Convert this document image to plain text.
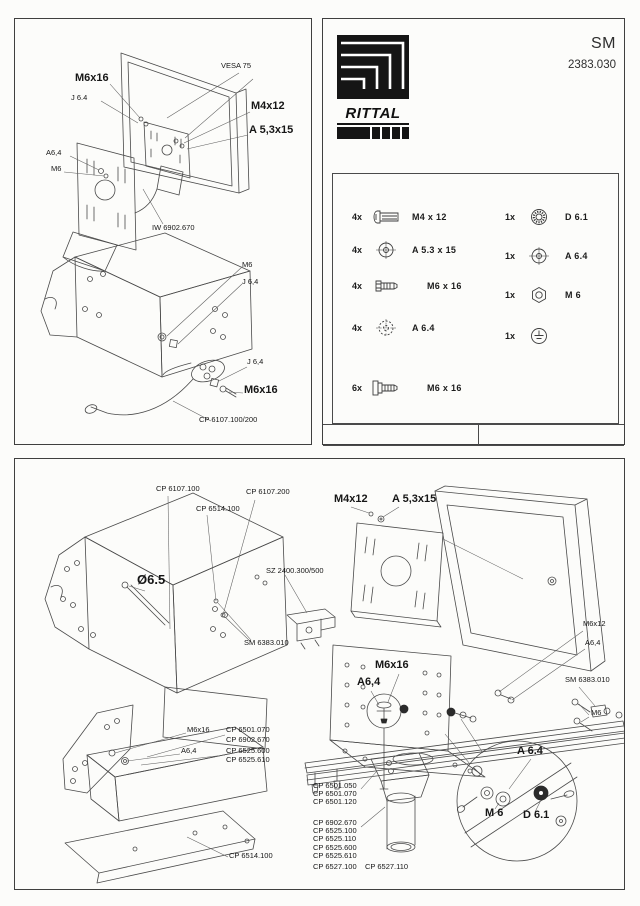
M6x16
J 6.4
VESA 75
M4x12
A 5,3x15
A6,4
M6
IW 6902.670
M6
J 6,4
J 6,4
M6x16
CP 6107.100/200
RITTAL
SM
2383.030
4x	M4 x 12
4x	A 5.3 x 15
4x	M6 x 16
4x	A 6.4
6x	M6 x 16
1x	D 6.1
1x	A 6.4
1x	M 6
1x
CP 6107.100
CP 6514.100
CP 6107.200
Ø6.5
SZ 2400.300/500
SM 6383.010
M4x12 A 5,3x15
M6x12
A6,4
SM 6383.010
M6
M6x16
A6,4
M6x16
A6,4
CP 6501.070
CP 6902.670
CP 6525.600
CP 6525.610
CP 6501.050
CP 6501.070
CP 6501.120
CP 6902.670
CP 6525.100
CP 6525.110
CP 6525.600
CP 6525.610
CP 6527.100 CP 6527.110
CP 6514.100
A 6.4
M 6 D 6.1
